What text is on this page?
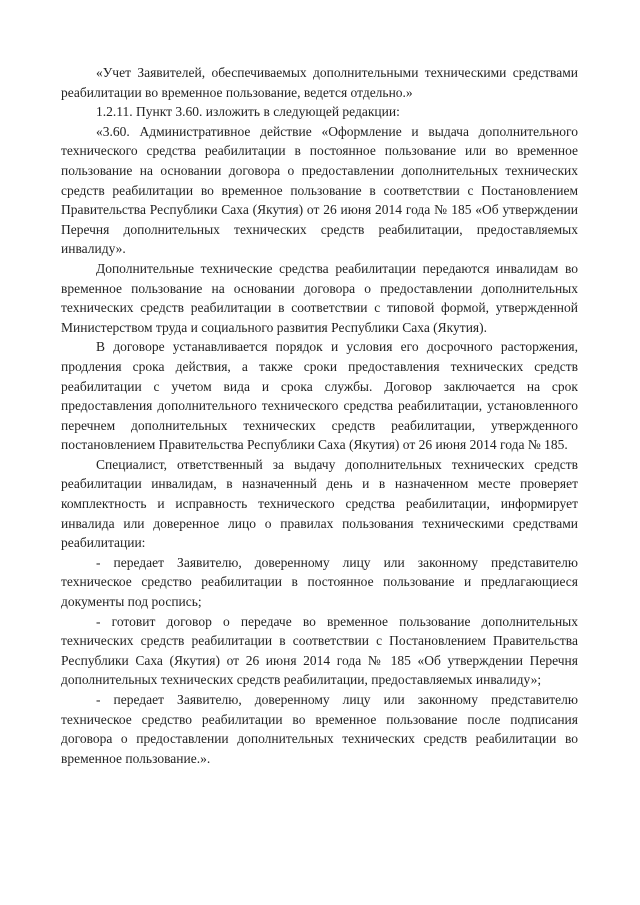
«Учет Заявителей, обеспечиваемых дополнительными техническими средствами реабилитации во временное пользование, ведется отдельно.»

1.2.11. Пункт 3.60. изложить в следующей редакции:

«3.60. Административное действие «Оформление и выдача дополнительного технического средства реабилитации в постоянное пользование или во временное пользование на основании договора о предоставлении дополнительных технических средств реабилитации во временное пользование в соответствии с Постановлением Правительства Республики Саха (Якутия) от 26 июня 2014 года № 185 «Об утверждении Перечня дополнительных технических средств реабилитации, предоставляемых инвалиду».

Дополнительные технические средства реабилитации передаются инвалидам во временное пользование на основании договора о предоставлении дополнительных технических средств реабилитации в соответствии с типовой формой, утвержденной Министерством труда и социального развития Республики Саха (Якутия).

В договоре устанавливается порядок и условия его досрочного расторжения, продления срока действия, а также сроки предоставления технических средств реабилитации с учетом вида и срока службы. Договор заключается на срок предоставления дополнительного технического средства реабилитации, установленного перечнем дополнительных технических средств реабилитации, утвержденного постановлением Правительства Республики Саха (Якутия) от 26 июня 2014 года № 185.

Специалист, ответственный за выдачу дополнительных технических средств реабилитации инвалидам, в назначенный день и в назначенном месте проверяет комплектность и исправность технического средства реабилитации, информирует инвалида или доверенное лицо о правилах пользования техническими средствами реабилитации:

- передает Заявителю, доверенному лицу или законному представителю техническое средство реабилитации в постоянное пользование и предлагающиеся документы под роспись;

- готовит договор о передаче во временное пользование дополнительных технических средств реабилитации в соответствии с Постановлением Правительства Республики Саха (Якутия) от 26 июня 2014 года № 185 «Об утверждении Перечня дополнительных технических средств реабилитации, предоставляемых инвалиду»;

- передает Заявителю, доверенному лицу или законному представителю техническое средство реабилитации во временное пользование после подписания договора о предоставлении дополнительных технических средств реабилитации во временное пользование.».
